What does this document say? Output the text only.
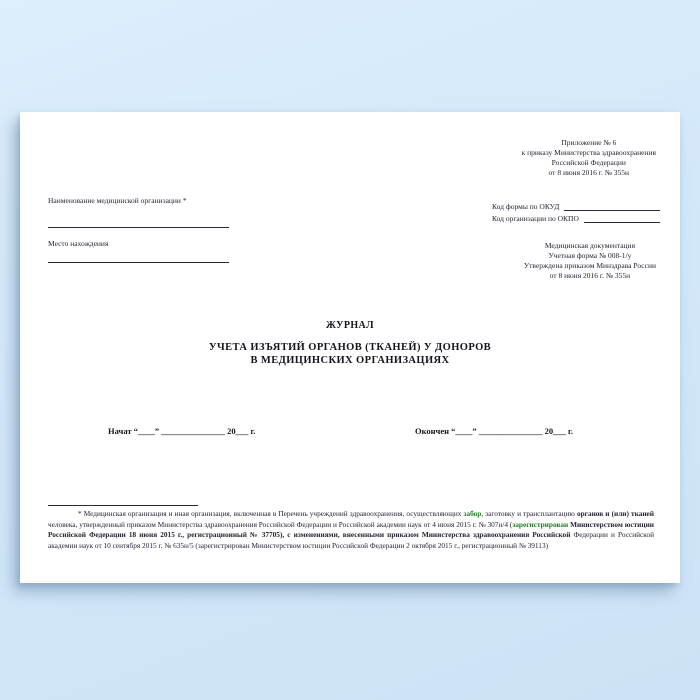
Приложение № 6
к приказу Министерства здравоохранения
Российской Федерации
от 8 июня 2016 г. № 355н
Наименование медицинской организации *
Место нахождения
Код формы по ОКУД
Код организации по ОКПО
Медицинская документация
Учетная форма № 008-1/у
Утверждена приказом Минздрава России
от 8 июня 2016 г. № 355н
ЖУРНАЛ
УЧЕТА ИЗЪЯТИЙ ОРГАНОВ (ТКАНЕЙ) У ДОНОРОВ
В МЕДИЦИНСКИХ ОРГАНИЗАЦИЯХ
Начат “____” _______________ 20___ г.	Окончен “____” _______________ 20___ г.
* Медицинская организация и иная организация, включенная в Перечень учреждений здравоохранения, осуществляющих забор, заготовку и трансплантацию органов и (или) тканей человека, утвержденный приказом Министерства здравоохранения Российской Федерации и Российской академии наук от 4 июня 2015 г. № 307н/4 (зарегистрирован Министерством юстиции Российской Федерации 18 июня 2015 г., регистрационный № 37705), с изменениями, внесенными приказом Министерства здравоохранения Российской Федерации и Российской академии наук от 10 сентября 2015 г. № 635н/5 (зарегистрирован Министерством юстиции Российской Федерации 2 октября 2015 г., регистрационный № 39113)
